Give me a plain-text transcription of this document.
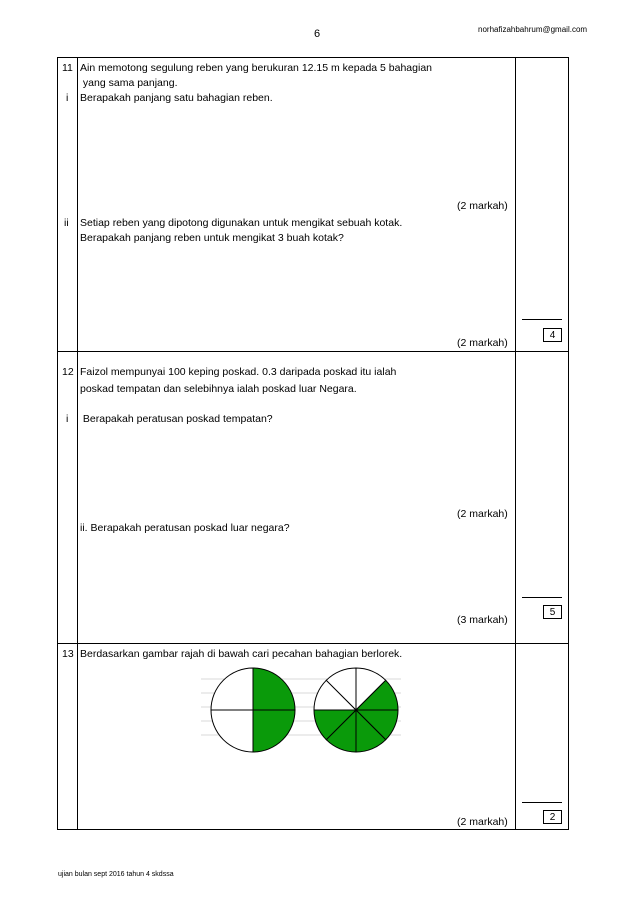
6	norhafizahbahrum@gmail.com
11
i
Ain memotong segulung reben yang berukuran 12.15 m kepada 5 bahagian
yang sama panjang.
Berapakah panjang satu bahagian reben.
(2 markah)
ii Setiap reben yang dipotong digunakan untuk mengikat sebuah kotak.
Berapakah panjang reben untuk mengikat 3 buah kotak?
(2 markah)
4
12 Faizol mempunyai 100 keping poskad. 0.3 daripada poskad itu ialah
poskad tempatan dan selebihnya ialah poskad luar Negara.
i Berapakah peratusan poskad tempatan?
(2 markah)
ii. Berapakah peratusan poskad luar negara?
(3 markah)
5
13 Berdasarkan gambar rajah di bawah cari pecahan bahagian berlorek.
(2 markah)	2
ujian bulan sept 2016 tahun 4 skdssa
